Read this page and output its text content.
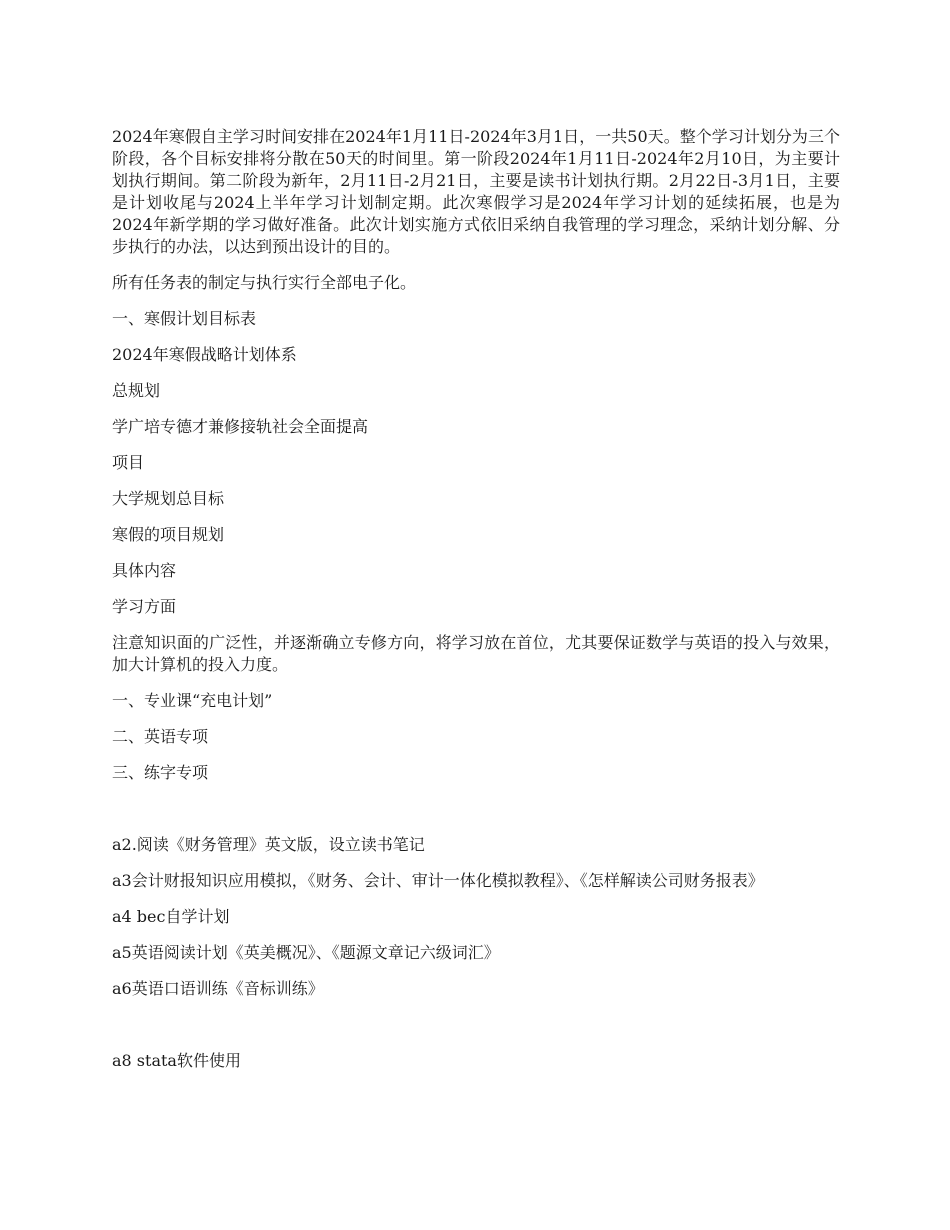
2024年寒假自主学习时间安排在2024年1月11日-2024年3月1日，一共50天。整个学习计划分为三个阶段，各个目标安排将分散在50天的时间里。第一阶段2024年1月11日-2024年2月10日，为主要计划执行期间。第二阶段为新年，2月11日-2月21日，主要是读书计划执行期。2月22日-3月1日，主要是计划收尾与2024上半年学习计划制定期。此次寒假学习是2024年学习计划的延续拓展，也是为2024年新学期的学习做好准备。此次计划实施方式依旧采纳自我管理的学习理念，采纳计划分解、分步执行的办法，以达到预出设计的目的。

所有任务表的制定与执行实行全部电子化。

一、寒假计划目标表

2024年寒假战略计划体系

总规划

学广培专德才兼修接轨社会全面提高

项目

大学规划总目标

寒假的项目规划

具体内容

学习方面

注意知识面的广泛性，并逐渐确立专修方向，将学习放在首位，尤其要保证数学与英语的投入与效果，加大计算机的投入力度。

一、专业课“充电计划”

二、英语专项

三、练字专项

a2.阅读《财务管理》英文版，设立读书笔记

a3会计财报知识应用模拟，《财务、会计、审计一体化模拟教程》、《怎样解读公司财务报表》

a4 bec自学计划

a5英语阅读计划《英美概况》、《题源文章记六级词汇》

a6英语口语训练《音标训练》

a8 stata软件使用
